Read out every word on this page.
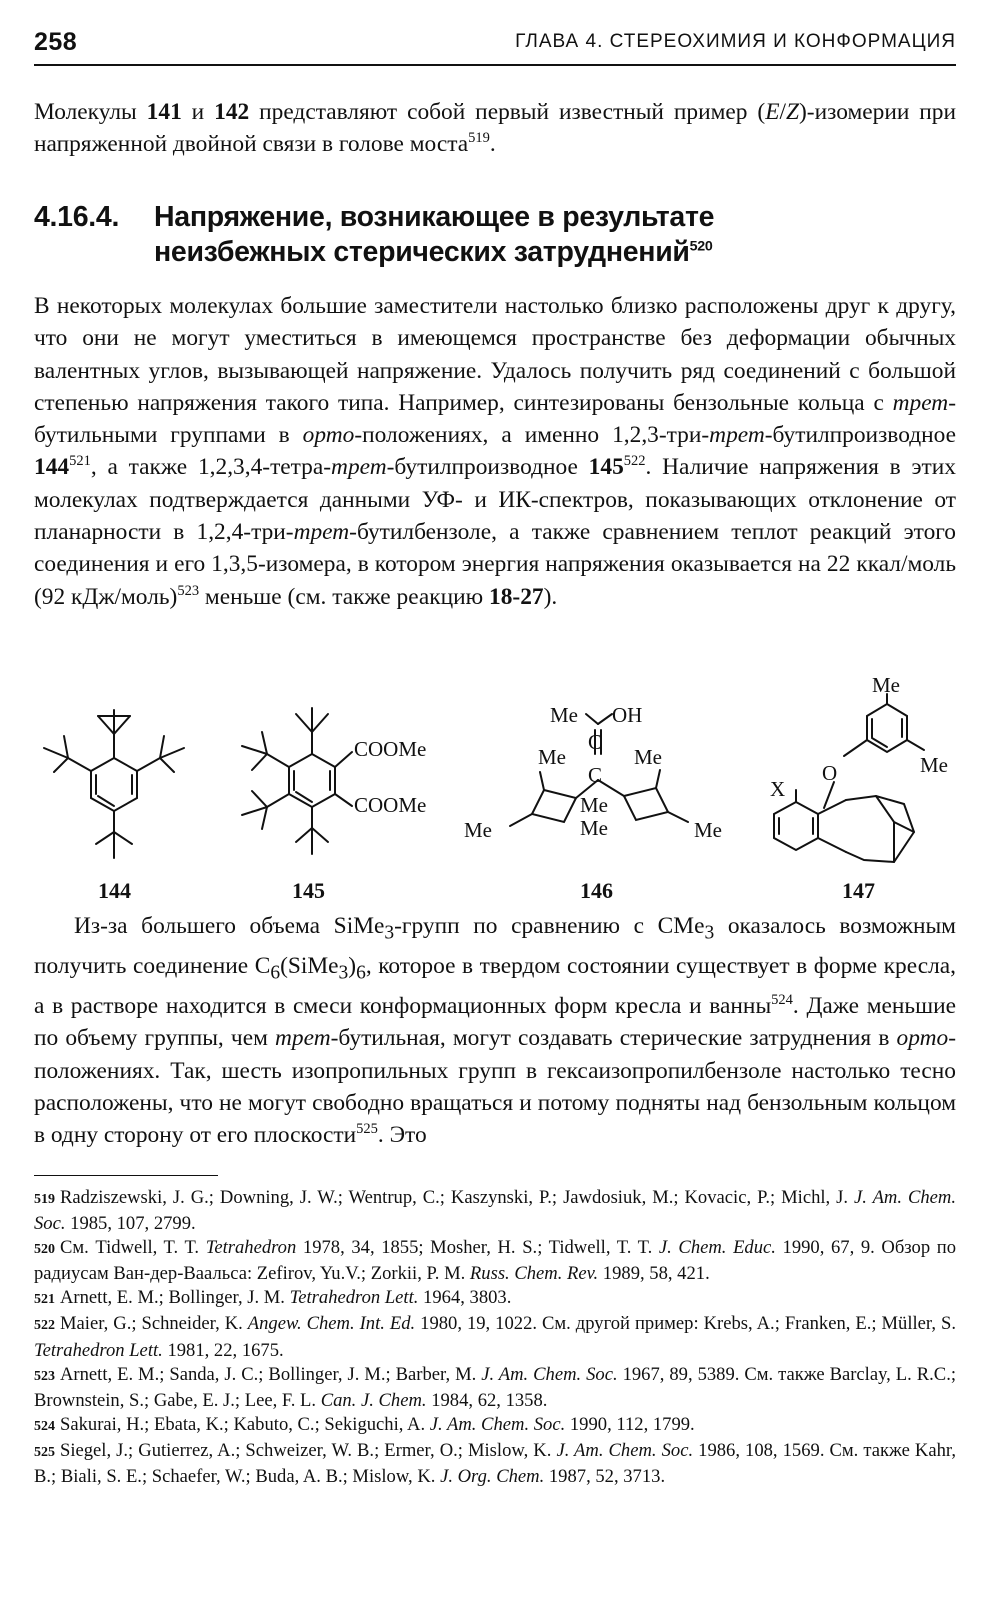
258	ГЛАВА 4. СТЕРЕОХИМИЯ И КОНФОРМАЦИЯ

Молекулы 141 и 142 представляют собой первый известный пример (E/Z)-изомерии при напряженной двойной связи в голове моста$^{519}$.

4.16.4. Напряжение, возникающее в результате
неизбежных стерических затруднений$^{520}$

В некоторых молекулах большие заместители настолько близко расположены друг к другу, что они не могут уместиться в имеющемся пространстве без деформации обычных валентных углов, вызывающей напряжение. Удалось получить ряд соединений с большой степенью напряжения такого типа. Например, синтезированы бензольные кольца с трет-бутильными группами в орто-положениях, а именно 1,2,3-три-трет-бутилпроизводное $144^{521}$, а также 1,2,3,4-тетра-трет-бутилпроизводное $145^{522}$. Наличие напряжения в этих молекулах подтверждается данными УФ- и ИК-спектров, показывающих отклонение от планарности в 1,2,4-три-трет-бутилбензоле, а также сравнением теплот реакций этого соединения и его 1,3,5-изомера, в котором энергия напряжения оказывается на 22 ккал/моль (92 кДж/моль)$^{523}$ меньше (см. также реакцию 18-27).

COOMe
COOMe
Me OH
C
C
Me	Me
Me
Me
Me	Me
Me
Me
X
O
144	145	146	147

Из-за большего объема SiMe$_3$-групп по сравнению с CMe$_3$ оказалось возможным получить соединение $C_6(SiMe_3)_6$, которое в твердом состоянии существует в форме кресла, а в растворе находится в смеси конформационных форм кресла и ванны$^{524}$. Даже меньшие по объему группы, чем трет-бутильная, могут создавать стерические затруднения в орто-положениях. Так, шесть изопропильных групп в гексаизопропилбензоле настолько тесно расположены, что не могут свободно вращаться и потому подняты над бензольным кольцом в одну сторону от его плоскости$^{525}$. Это

519 Radziszewski, J. G.; Downing, J. W.; Wentrup, C.; Kaszynski, P.; Jawdosiuk, M.; Kovacic, P.; Michl, J. J. Am. Chem. Soc. 1985, 107, 2799.

520 См. Tidwell, T. T. Tetrahedron 1978, 34, 1855; Mosher, H. S.; Tidwell, T. T. J. Chem. Educ. 1990, 67, 9. Обзор по радиусам Ван-дер-Ваальса: Zefirov, Yu.V.; Zorkii, P. M. Russ. Chem. Rev. 1989, 58, 421.

521 Arnett, E. M.; Bollinger, J. M. Tetrahedron Lett. 1964, 3803.

522 Maier, G.; Schneider, K. Angew. Chem. Int. Ed. 1980, 19, 1022. См. другой пример: Krebs, A.; Franken, E.; Müller, S. Tetrahedron Lett. 1981, 22, 1675.

523 Arnett, E. M.; Sanda, J. C.; Bollinger, J. M.; Barber, M. J. Am. Chem. Soc. 1967, 89, 5389. См. также Barclay, L. R.C.; Brownstein, S.; Gabe, E. J.; Lee, F. L. Can. J. Chem. 1984, 62, 1358.

524 Sakurai, H.; Ebata, K.; Kabuto, C.; Sekiguchi, A. J. Am. Chem. Soc. 1990, 112, 1799.

525 Siegel, J.; Gutierrez, A.; Schweizer, W. B.; Ermer, O.; Mislow, K. J. Am. Chem. Soc. 1986, 108, 1569. См. также Kahr, B.; Biali, S. E.; Schaefer, W.; Buda, A. B.; Mislow, K. J. Org. Chem. 1987, 52, 3713.
